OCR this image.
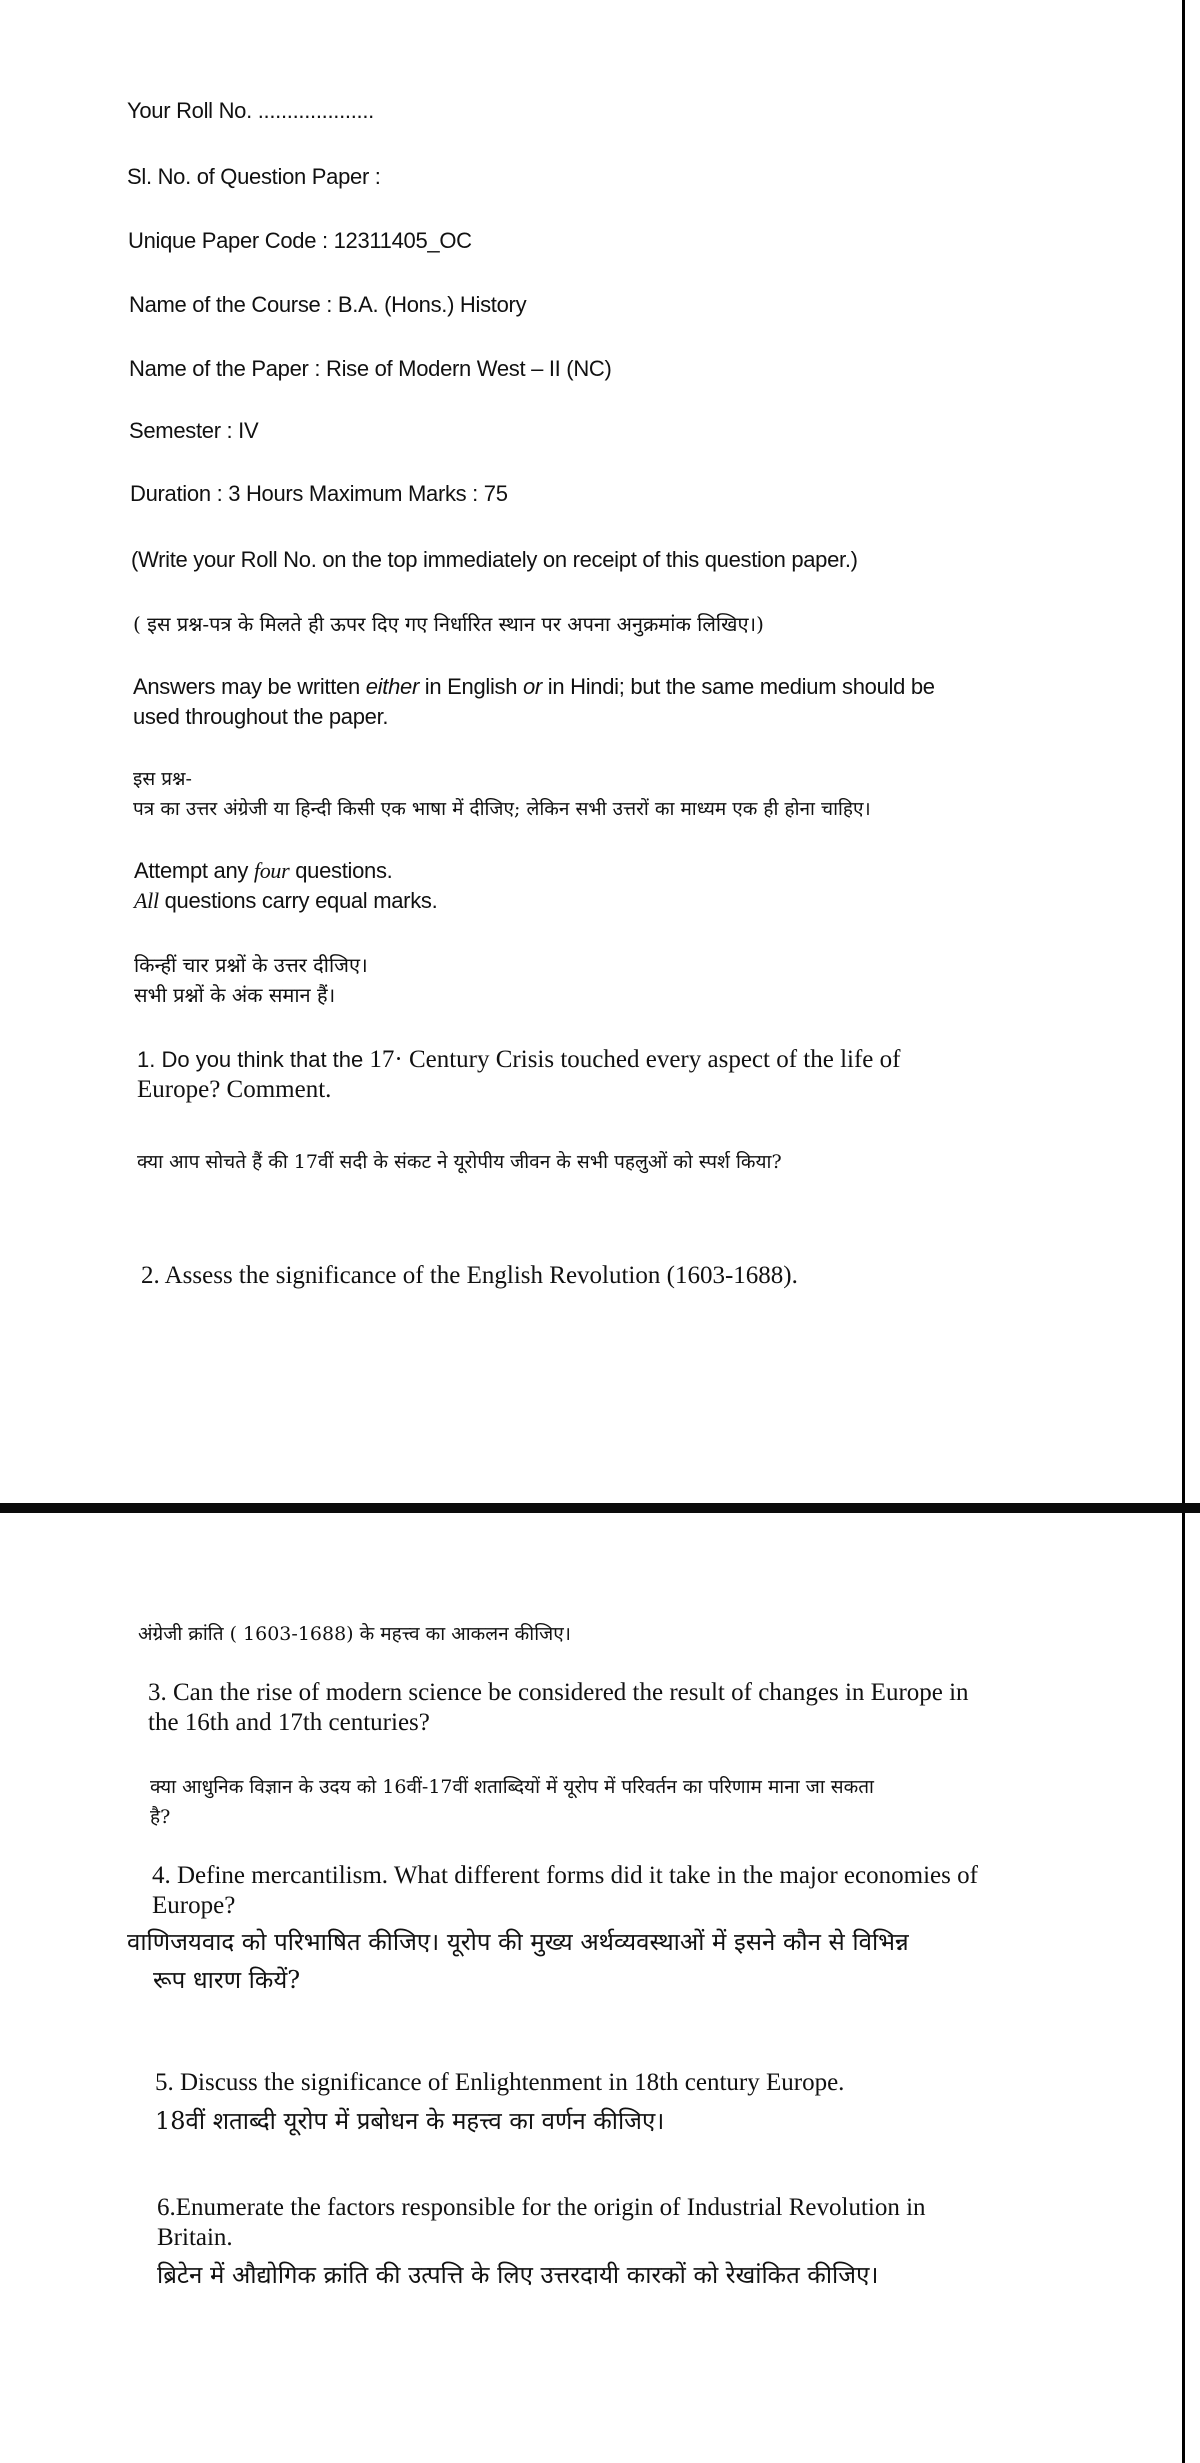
Your Roll No. ....................
Sl. No. of Question Paper :
Unique Paper Code : 12311405_OC
Name of the Course : B.A. (Hons.) History
Name of the Paper : Rise of Modern West – II (NC)
Semester : IV
Duration : 3 Hours Maximum Marks : 75
(Write your Roll No. on the top immediately on receipt of this question paper.)
( इस प्रश्न-पत्र के मिलते ही ऊपर दिए गए निर्धारित स्थान पर अपना अनुक्रमांक लिखिए।)
Answers may be written either in English or in Hindi; but the same medium should be
used throughout the paper.
इस प्रश्न-
पत्र का उत्तर अंग्रेजी या हिन्दी किसी एक भाषा में दीजिए; लेकिन सभी उत्तरों का माध्यम एक ही होना चाहिए।
Attempt any four questions.
All questions carry equal marks.
किन्हीं चार प्रश्नों के उत्तर दीजिए।
सभी प्रश्नों के अंक समान हैं।
1. Do you think that the 17· Century Crisis touched every aspect of the life of
Europe? Comment.
क्या आप सोचते हैं की 17वीं सदी के संकट ने यूरोपीय जीवन के सभी पहलुओं को स्पर्श किया?
2. Assess the significance of the English Revolution (1603-1688).
अंग्रेजी क्रांति ( 1603-1688) के महत्त्व का आकलन कीजिए।
3. Can the rise of modern science be considered the result of changes in Europe in
the 16th and 17th centuries?
क्या आधुनिक विज्ञान के उदय को 16वीं-17वीं शताब्दियों में यूरोप में परिवर्तन का परिणाम माना जा सकता
है?
4. Define mercantilism. What different forms did it take in the major economies of
Europe?
वाणिजयवाद को परिभाषित कीजिए। यूरोप की मुख्य अर्थव्यवस्थाओं में इसने कौन से विभिन्न
रूप धारण कियें?
5. Discuss the significance of Enlightenment in 18th century Europe.
18वीं शताब्दी यूरोप में प्रबोधन के महत्त्व का वर्णन कीजिए।
6.Enumerate the factors responsible for the origin of Industrial Revolution in
Britain.
ब्रिटेन में औद्योगिक क्रांति की उत्पत्ति के लिए उत्तरदायी कारकों को रेखांकित कीजिए।
